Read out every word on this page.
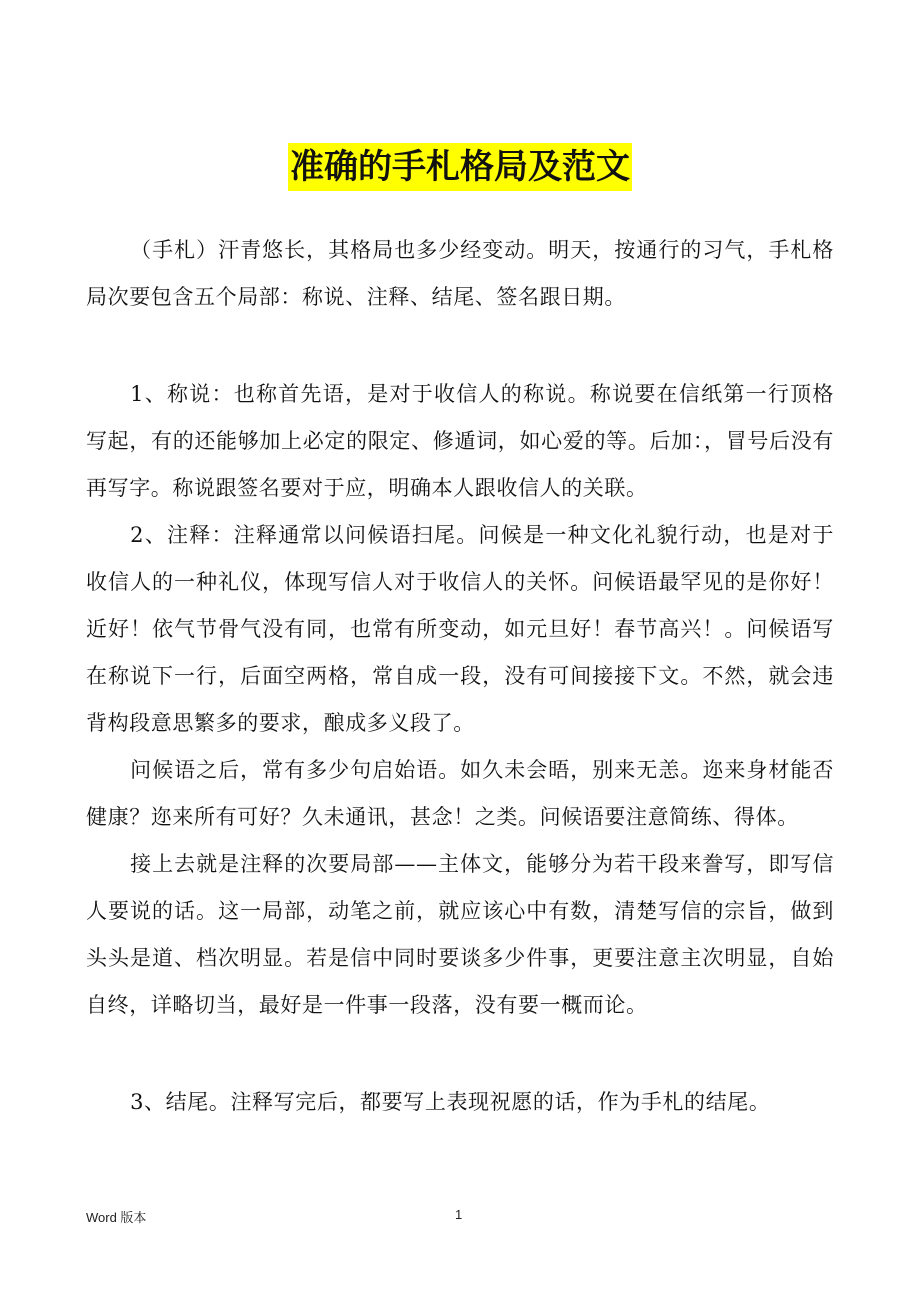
准确的手札格局及范文

（手札）汗青悠长，其格局也多少经变动。明天，按通行的习气，手札格局次要包含五个局部：称说、注释、结尾、签名跟日期。

1、称说：也称首先语，是对于收信人的称说。称说要在信纸第一行顶格写起，有的还能够加上必定的限定、修遁词，如心爱的等。后加：，冒号后没有再写字。称说跟签名要对于应，明确本人跟收信人的关联。

2、注释：注释通常以问候语扫尾。问候是一种文化礼貌行动，也是对于收信人的一种礼仪，体现写信人对于收信人的关怀。问候语最罕见的是你好！近好！依气节骨气没有同，也常有所变动，如元旦好！春节高兴！。问候语写在称说下一行，后面空两格，常自成一段，没有可间接接下文。不然，就会违背构段意思繁多的要求，酿成多义段了。

问候语之后，常有多少句启始语。如久未会晤，别来无恙。迩来身材能否健康？迩来所有可好？久未通讯，甚念！之类。问候语要注意简练、得体。

接上去就是注释的次要局部——主体文，能够分为若干段来誊写，即写信人要说的话。这一局部，动笔之前，就应该心中有数，清楚写信的宗旨，做到头头是道、档次明显。若是信中同时要谈多少件事，更要注意主次明显，自始自终，详略切当，最好是一件事一段落，没有要一概而论。

3、结尾。注释写完后，都要写上表现祝愿的话，作为手札的结尾。

Word 版本	1
